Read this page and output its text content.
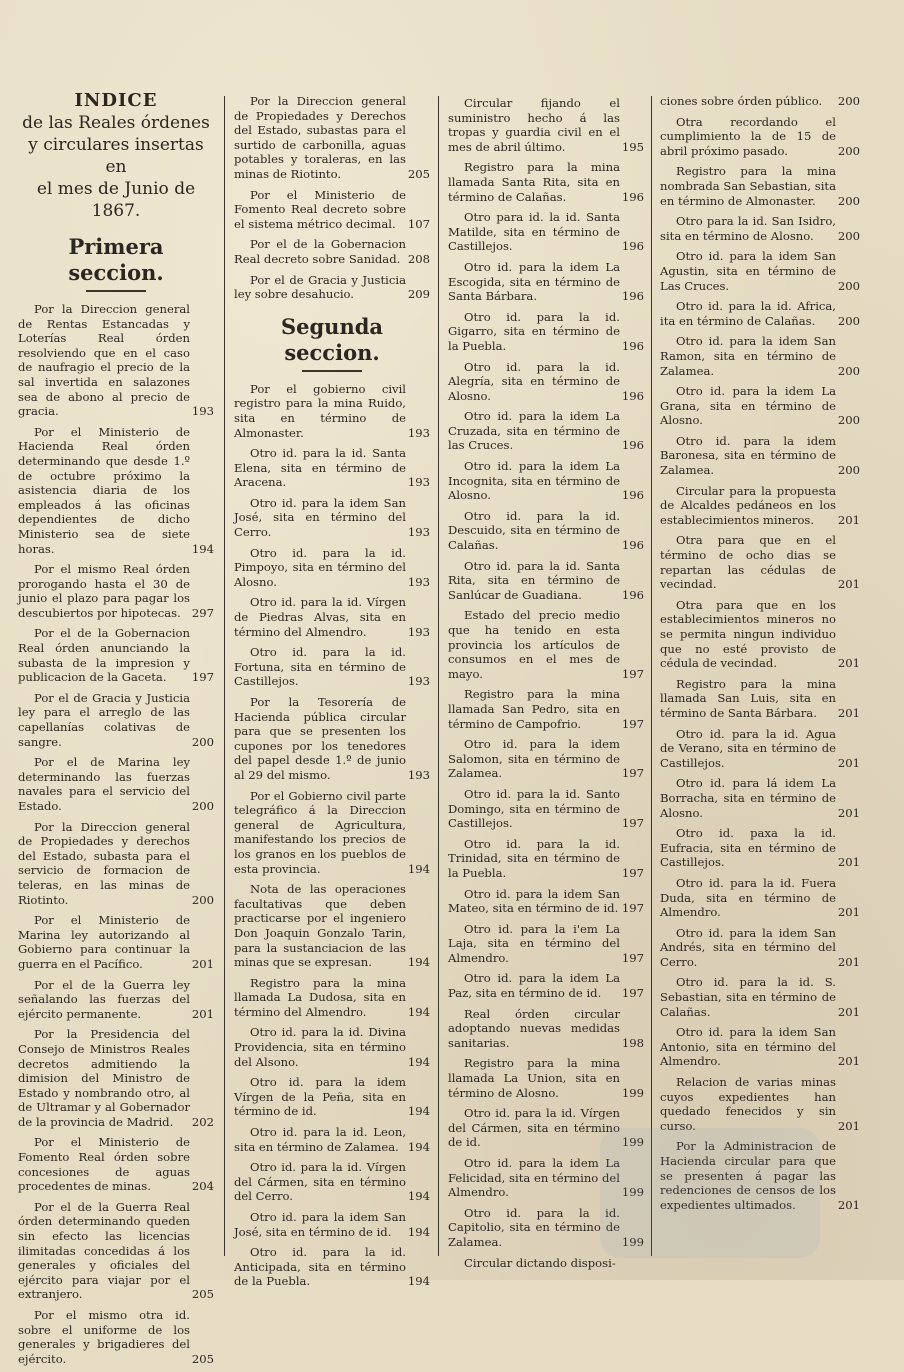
INDICE
de las Reales órdenes
y circulares insertas en
el mes de Junio de 1867.
Primera seccion.
Por la Direccion general de Rentas Estancadas y Loterías Real órden resolviendo que en el caso de naufragio el precio de la sal invertida en salazones sea de abono al precio de gracia.	193
Por el Ministerio de Hacienda Real órden determinando que desde 1.º de octubre próximo la asistencia diaria de los empleados á las oficinas dependientes de dicho Ministerio sea de siete horas.	194
Por el mismo Real órden prorogando hasta el 30 de junio el plazo para pagar los descubiertos por hipotecas. 297
Por el de la Gobernacion Real órden anunciando la subasta de la impresion y publicacion de la Gaceta. 197
Por el de Gracia y Justicia ley para el arreglo de las capellanías colativas de sangre.	200
Por el de Marina ley determinando las fuerzas navales para el servicio del Estado.	200
Por la Direccion general de Propiedades y derechos del Estado, subasta para el servicio de formacion de teleras, en las minas de Riotinto.	200
Por el Ministerio de Marina ley autorizando al Gobierno para continuar la guerra en el Pacífico.	201
Por el de la Guerra ley señalando las fuerzas del ejército permanente.	201
Por la Presidencia del Consejo de Ministros Reales decretos admitiendo la dimision del Ministro de Estado y nombrando otro, al de Ultramar y al Gobernador de la provincia de Madrid. 202
Por el Ministerio de Fomento Real órden sobre concesiones de aguas procedentes de minas.	204
Por el de la Guerra Real órden determinando queden sin efecto las licencias ilimitadas concedidas á los generales y oficiales del ejército para viajar por el extranjero.	205
Por el mismo otra id. sobre el uniforme de los generales y brigadieres del ejército.	205
Por la Direccion general de Propiedades y Derechos del Estado, subastas para el surtido de carbonilla, aguas potables y toraleras, en las minas de Riotinto.	205
Por el Ministerio de Fomento Real decreto sobre el sistema métrico decimal. 107
Por el de la Gobernacion Real decreto sobre Sanidad. 208
Por el de Gracia y Justicia ley sobre desahucio.	209
Segunda seccion.
Por el gobierno civil registro para la mina Ruido, sita en término de Almonaster.	193
Otro id. para la id. Santa Elena, sita en término de Aracena.	193
Otro id. para la idem San José, sita en término del Cerro.	193
Otro id. para la id. Pimpoyo, sita en término del Alosno.	193
Otro id. para la id. Vírgen de Piedras Alvas, sita en término del Almendro.	193
Otro id. para la id. Fortuna, sita en término de Castillejos.	193
Por la Tesorería de Hacienda pública circular para que se presenten los cupones por los tenedores del papel desde 1.º de junio al 29 del mismo.	193
Por el Gobierno civil parte telegráfico á la Direccion general de Agricultura, manifestando los precios de los granos en los pueblos de esta provincia.	194
Nota de las operaciones facultativas que deben practicarse por el ingeniero Don Joaquin Gonzalo Tarin, para la sustanciacion de las minas que se expresan.	194
Registro para la mina llamada La Dudosa, sita en término del Almendro.	194
Otro id. para la id. Divina Providencia, sita en término del Alsono.	194
Otro id. para la idem Vírgen de la Peña, sita en término de id.	194
Otro id. para la id. Leon, sita en término de Zalamea. 194
Otro id. para la id. Vírgen del Cármen, sita en término del Cerro.	194
Otro id. para la idem San José, sita en término de id. 194
Otro id. para la id. Anticipada, sita en término de la Puebla.	194
Circular fijando el suministro hecho á las tropas y guardia civil en el mes de abril último.	195
Registro para la mina llamada Santa Rita, sita en término de Calañas.	196
Otro para id. la id. Santa Matilde, sita en término de Castillejos.	196
Otro id. para la idem La Escogida, sita en término de Santa Bárbara.	196
Otro id. para la id. Gigarro, sita en término de la Puebla.	196
Otro id. para la id. Alegría, sita en término de Alosno.	196
Otro id. para la idem La Cruzada, sita en término de las Cruces.	196
Otro id. para la idem La Incognita, sita en término de Alosno.	196
Otro id. para la id. Descuido, sita en término de Calañas.	196
Otro id. para la id. Santa Rita, sita en término de Sanlúcar de Guadiana.	196
Estado del precio medio que ha tenido en esta provincia los artículos de consumos en el mes de mayo.	197
Registro para la mina llamada San Pedro, sita en término de Campofrio.	197
Otro id. para la idem Salomon, sita en término de Zalamea.	197
Otro id. para la id. Santo Domingo, sita en término de Castillejos.	197
Otro id. para la id. Trinidad, sita en término de la Puebla.	197
Otro id. para la idem San Mateo, sita en término de id. 197
Otro id. para la i'em La Laja, sita en término del Almendro.	197
Otro id. para la idem La Paz, sita en término de id. 197
Real órden circular adoptando nuevas medidas sanitarias.	198
Registro para la mina llamada La Union, sita en término de Alosno.	199
Otro id. para la id. Vírgen del Cármen, sita en término de id.	199
Otro id. para la idem La Felicidad, sita en término del Almendro.	199
Otro id. para la id. Capitolio, sita en término de Zalamea.	199
Circular dictando disposi-
ciones sobre órden público. 200
Otra recordando el cumplimiento la de 15 de abril próximo pasado.	200
Registro para la mina nombrada San Sebastian, sita en término de Almonaster. 200
Otro para la id. San Isidro, sita en término de Alosno. 200
Otro id. para la idem San Agustin, sita en término de Las Cruces.	200
Otro id. para la id. Africa, ita en término de Calañas. 200
Otro id. para la idem San Ramon, sita en término de Zalamea.	200
Otro id. para la idem La Grana, sita en término de Alosno.	200
Otro id. para la idem Baronesa, sita en término de Zalamea.	200
Circular para la propuesta de Alcaldes pedáneos en los establecimientos mineros. 201
Otra para que en el término de ocho dias se repartan las cédulas de vecindad.	201
Otra para que en los establecimientos mineros no se permita ningun individuo que no esté provisto de cédula de vecindad.	201
Registro para la mina llamada San Luis, sita en término de Santa Bárbara. 201
Otro id. para la id. Agua de Verano, sita en término de Castillejos.	201
Otro id. para lá idem La Borracha, sita en término de Alosno.	201
Otro id. paxa la id. Eufracia, sita en término de Castillejos.	201
Otro id. para la id. Fuera Duda, sita en término de Almendro.	201
Otro id. para la idem San Andrés, sita en término del Cerro.	201
Otro id. para la id. S. Sebastian, sita en término de Calañas.	201
Otro id. para la idem San Antonio, sita en término del Almendro.	201
Relacion de varias minas cuyos expedientes han quedado fenecidos y sin curso.	201
Por la Administracion de Hacienda circular para que se presenten á pagar las redenciones de censos de los expedientes ultimados.	201
